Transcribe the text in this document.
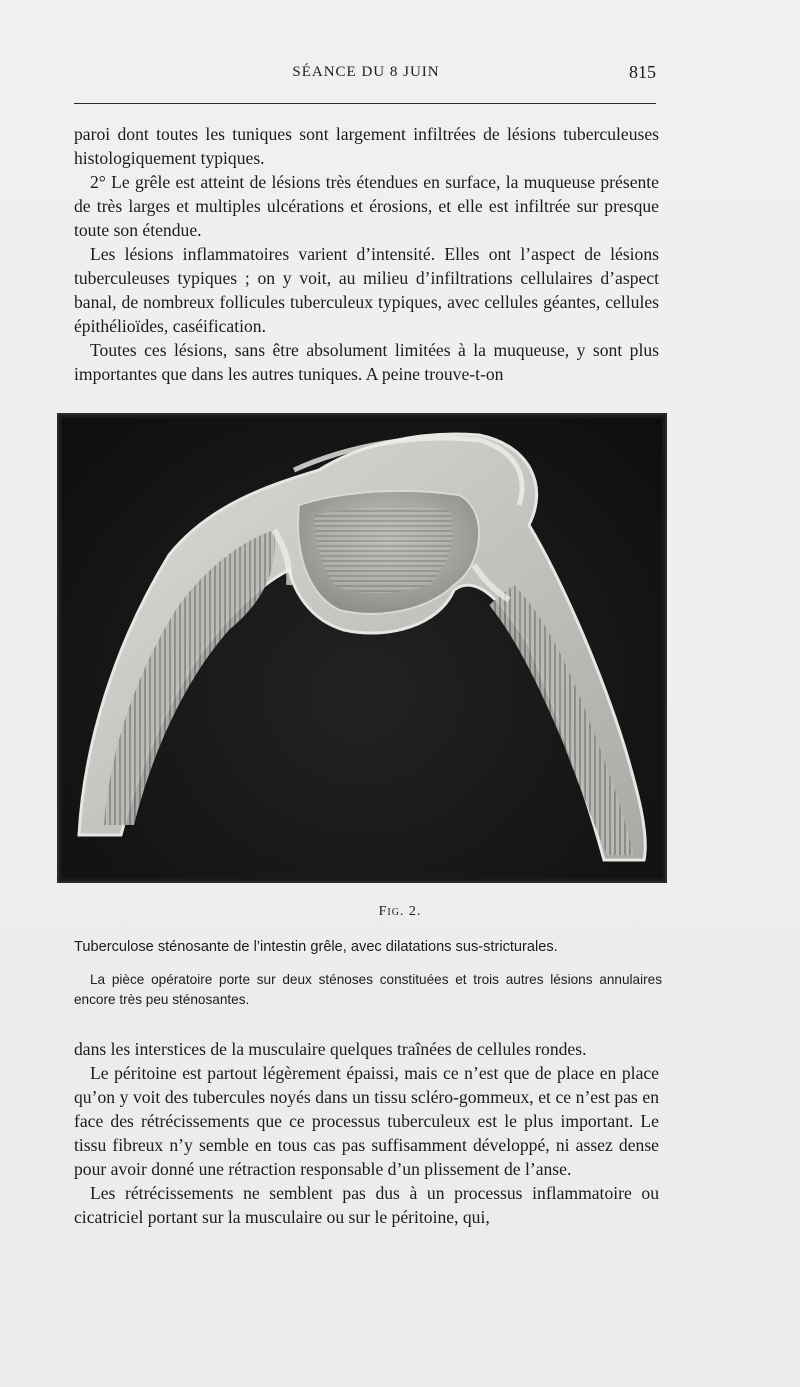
SÉANCE DU 8 JUIN	815

paroi dont toutes les tuniques sont largement infiltrées de lésions tuberculeuses histologiquement typiques.

2° Le grêle est atteint de lésions très étendues en surface, la muqueuse présente de très larges et multiples ulcérations et érosions, et elle est infiltrée sur presque toute son étendue.

Les lésions inflammatoires varient d’intensité. Elles ont l’aspect de lésions tuberculeuses typiques ; on y voit, au milieu d’infiltrations cellulaires d’aspect banal, de nombreux follicules tuberculeux typiques, avec cellules géantes, cellules épithélioïdes, caséification.

Toutes ces lésions, sans être absolument limitées à la muqueuse, y sont plus importantes que dans les autres tuniques. A peine trouve-t-on

Fig. 2.
Tuberculose sténosante de l’intestin grêle, avec dilatations sus-stricturales.
La pièce opératoire porte sur deux sténoses constituées et trois autres lésions annulaires encore très peu sténosantes.

dans les interstices de la musculaire quelques traînées de cellules rondes.

Le péritoine est partout légèrement épaissi, mais ce n’est que de place en place qu’on y voit des tubercules noyés dans un tissu scléro-gommeux, et ce n’est pas en face des rétrécissements que ce processus tuberculeux est le plus important. Le tissu fibreux n’y semble en tous cas pas suffisamment développé, ni assez dense pour avoir donné une rétraction responsable d’un plissement de l’anse.

Les rétrécissements ne semblent pas dus à un processus inflammatoire ou cicatriciel portant sur la musculaire ou sur le péritoine, qui,
